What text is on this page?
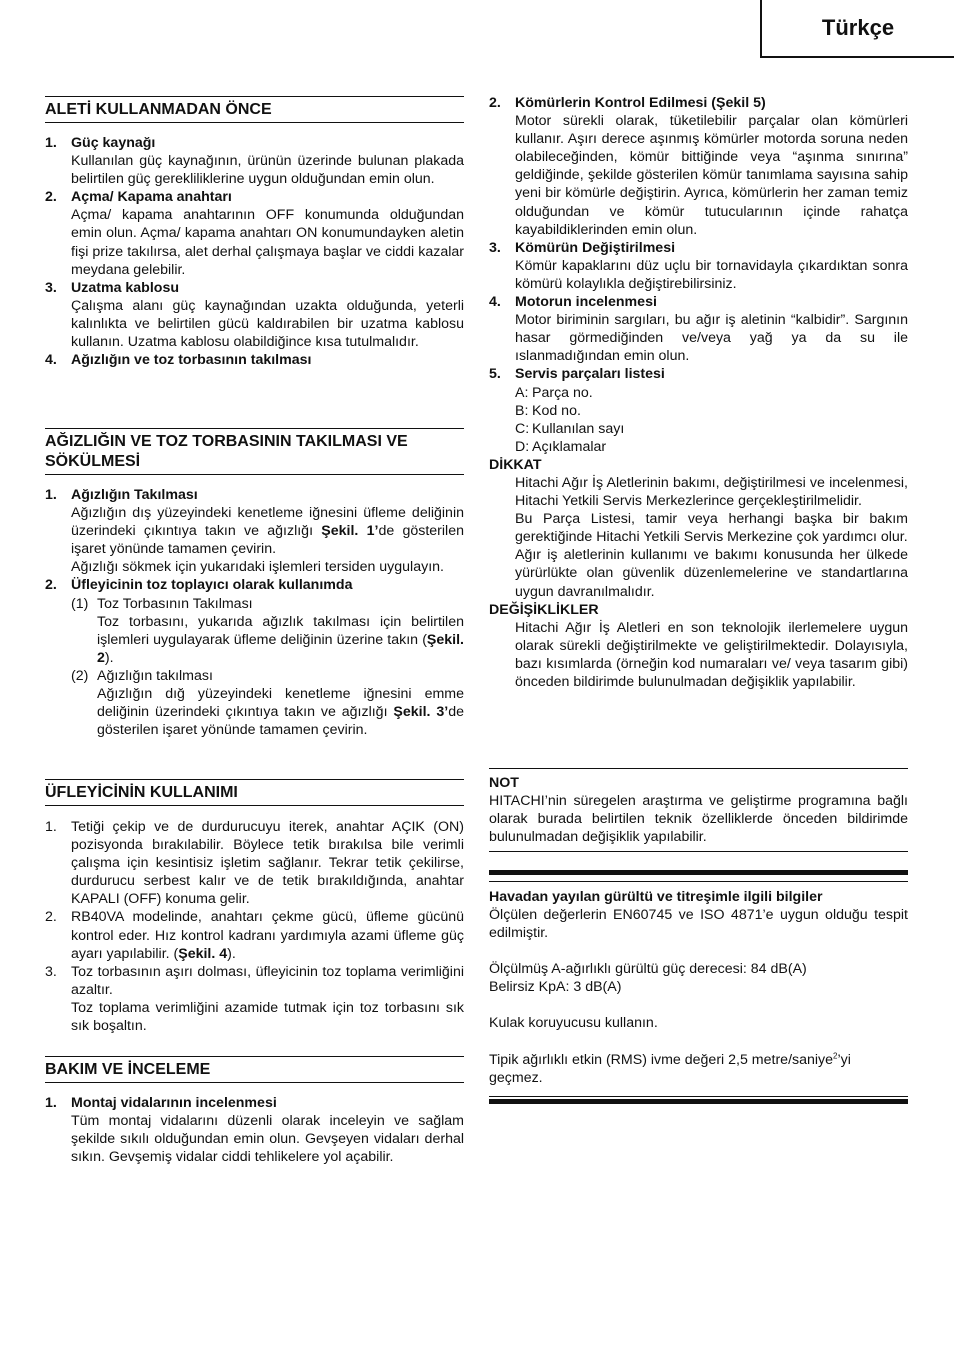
Türkçe
ALETİ KULLANMADAN ÖNCE
1. Güç kaynağı
Kullanılan güç kaynağının, ürünün üzerinde bulunan plakada belirtilen güç gerekliliklerine uygun olduğundan emin olun.
2. Açma/ Kapama anahtarı
Açma/ kapama anahtarının OFF konumunda olduğundan emin olun. Açma/ kapama anahtarı ON konumundayken aletin fişi prize takılırsa, alet derhal çalışmaya başlar ve ciddi kazalar meydana gelebilir.
3. Uzatma kablosu
Çalışma alanı güç kaynağından uzakta olduğunda, yeterli kalınlıkta ve belirtilen gücü kaldırabilen bir uzatma kablosu kullanın. Uzatma kablosu olabildiğince kısa tutulmalıdır.
4. Ağızlığın ve toz torbasının takılması
AĞIZLIĞIN VE TOZ TORBASININ TAKILMASI VE
SÖKÜLMESİ
1. Ağızlığın Takılması

Ağızlığın dış yüzeyindeki kenetleme iğnesini üfleme deliğinin üzerindeki çıkıntıya takın ve ağızlığı Şekil. 1’de gösterilen işaret yönünde tamamen çevirin.

Ağızlığı sökmek için yukarıdaki işlemleri tersiden uygulayın.

2. Üfleyicinin toz toplayıcı olarak kullanımda
(1) Toz Torbasının Takılması

Toz torbasını, yukarıda ağızlık takılması için belirtilen işlemleri uygulayarak üfleme deliğinin üzerine takın (Şekil. 2).

(2) Ağızlığın takılması

Ağızlığın dığ yüzeyindeki kenetleme iğnesini emme deliğinin üzerindeki çıkıntıya takın ve ağızlığı Şekil. 3’de gösterilen işaret yönünde tamamen çevirin.

ÜFLEYİCİNİN KULLANIMI
1. Tetiği çekip ve de durdurucuyu iterek, anahtar AÇIK (ON) pozisyonda bırakılabilir. Böylece tetik bırakılsa bile verimli çalışma için kesintisiz işletim sağlanır. Tekrar tetik çekilirse, durdurucu serbest kalır ve de tetik bırakıldığında, anahtar KAPALI (OFF) konuma gelir.

2. RB40VA modelinde, anahtarı çekme gücü, üfleme gücünü kontrol eder. Hız kontrol kadranı yardımıyla azami üfleme güç ayarı yapılabilir. (Şekil. 4).

3. Toz torbasının aşırı dolması, üfleyicinin toz toplama verimliğini azaltır.

Toz toplama verimliğini azamide tutmak için toz torbasını sık sık boşaltın.

BAKIM VE İNCELEME
1. Montaj vidalarının incelenmesi

Tüm montaj vidalarını düzenli olarak inceleyin ve sağlam şekilde sıkılı olduğundan emin olun. Gevşeyen vidaları derhal sıkın. Gevşemiş vidalar ciddi tehlikelere yol açabilir.

2. Kömürlerin Kontrol Edilmesi (Şekil 5)

Motor sürekli olarak, tüketilebilir parçalar olan kömürleri kullanır. Aşırı derece aşınmış kömürler motorda soruna neden olabileceğinden, kömür bittiğinde veya “aşınma sınırına” geldiğinde, şekilde gösterilen kömür tanımlama sayısına sahip yeni bir kömürle değiştirin. Ayrıca, kömürlerin her zaman temiz olduğundan ve kömür tutucularının içinde rahatça kayabildiklerinden emin olun.

3. Kömürün Değiştirilmesi

Kömür kapaklarını düz uçlu bir tornavidayla çıkardıktan sonra kömürü kolaylıkla değiştirebilirsiniz.

4. Motorun incelenmesi

Motor biriminin sargıları, bu ağır iş aletinin “kalbidir”. Sargının hasar görmediğinden ve/veya yağ ya da su ile ıslanmadığından emin olun.

5. Servis parçaları listesi
A: Parça no.
B: Kod no.
C: Kullanılan sayı
D: Açıklamalar
DİKKAT

Hitachi Ağır İş Aletlerinin bakımı, değiştirilmesi ve incelenmesi, Hitachi Yetkili Servis Merkezlerince gerçekleştirilmelidir.

Bu Parça Listesi, tamir veya herhangi başka bir bakım gerektiğinde Hitachi Yetkili Servis Merkezine çok yardımcı olur.

Ağır iş aletlerinin kullanımı ve bakımı konusunda her ülkede yürürlükte olan güvenlik düzenlemelerine ve standartlarına uygun davranılmalıdır.

DEĞİŞİKLİKLER

Hitachi Ağır İş Aletleri en son teknolojik ilerlemelere uygun olarak sürekli değiştirilmekte ve geliştirilmektedir. Dolayısıyla, bazı kısımlarda (örneğin kod numaraları ve/ veya tasarım gibi) önceden bildirimde bulunulmadan değişiklik yapılabilir.

NOT

HITACHI’nin süregelen araştırma ve geliştirme programına bağlı olarak burada belirtilen teknik özelliklerde önceden bildirimde bulunulmadan değişiklik yapılabilir.

Havadan yayılan gürültü ve titreşimle ilgili bilgiler

Ölçülen değerlerin EN60745 ve ISO 4871’e uygun olduğu tespit edilmiştir.

Ölçülmüş A-ağırlıklı gürültü güç derecesi: 84 dB(A)

Belirsiz KpA: 3 dB(A)

Kulak koruyucusu kullanın.

Tipik ağırlıklı etkin (RMS) ivme değeri 2,5 metre/saniye$^2$’yi geçmez.
